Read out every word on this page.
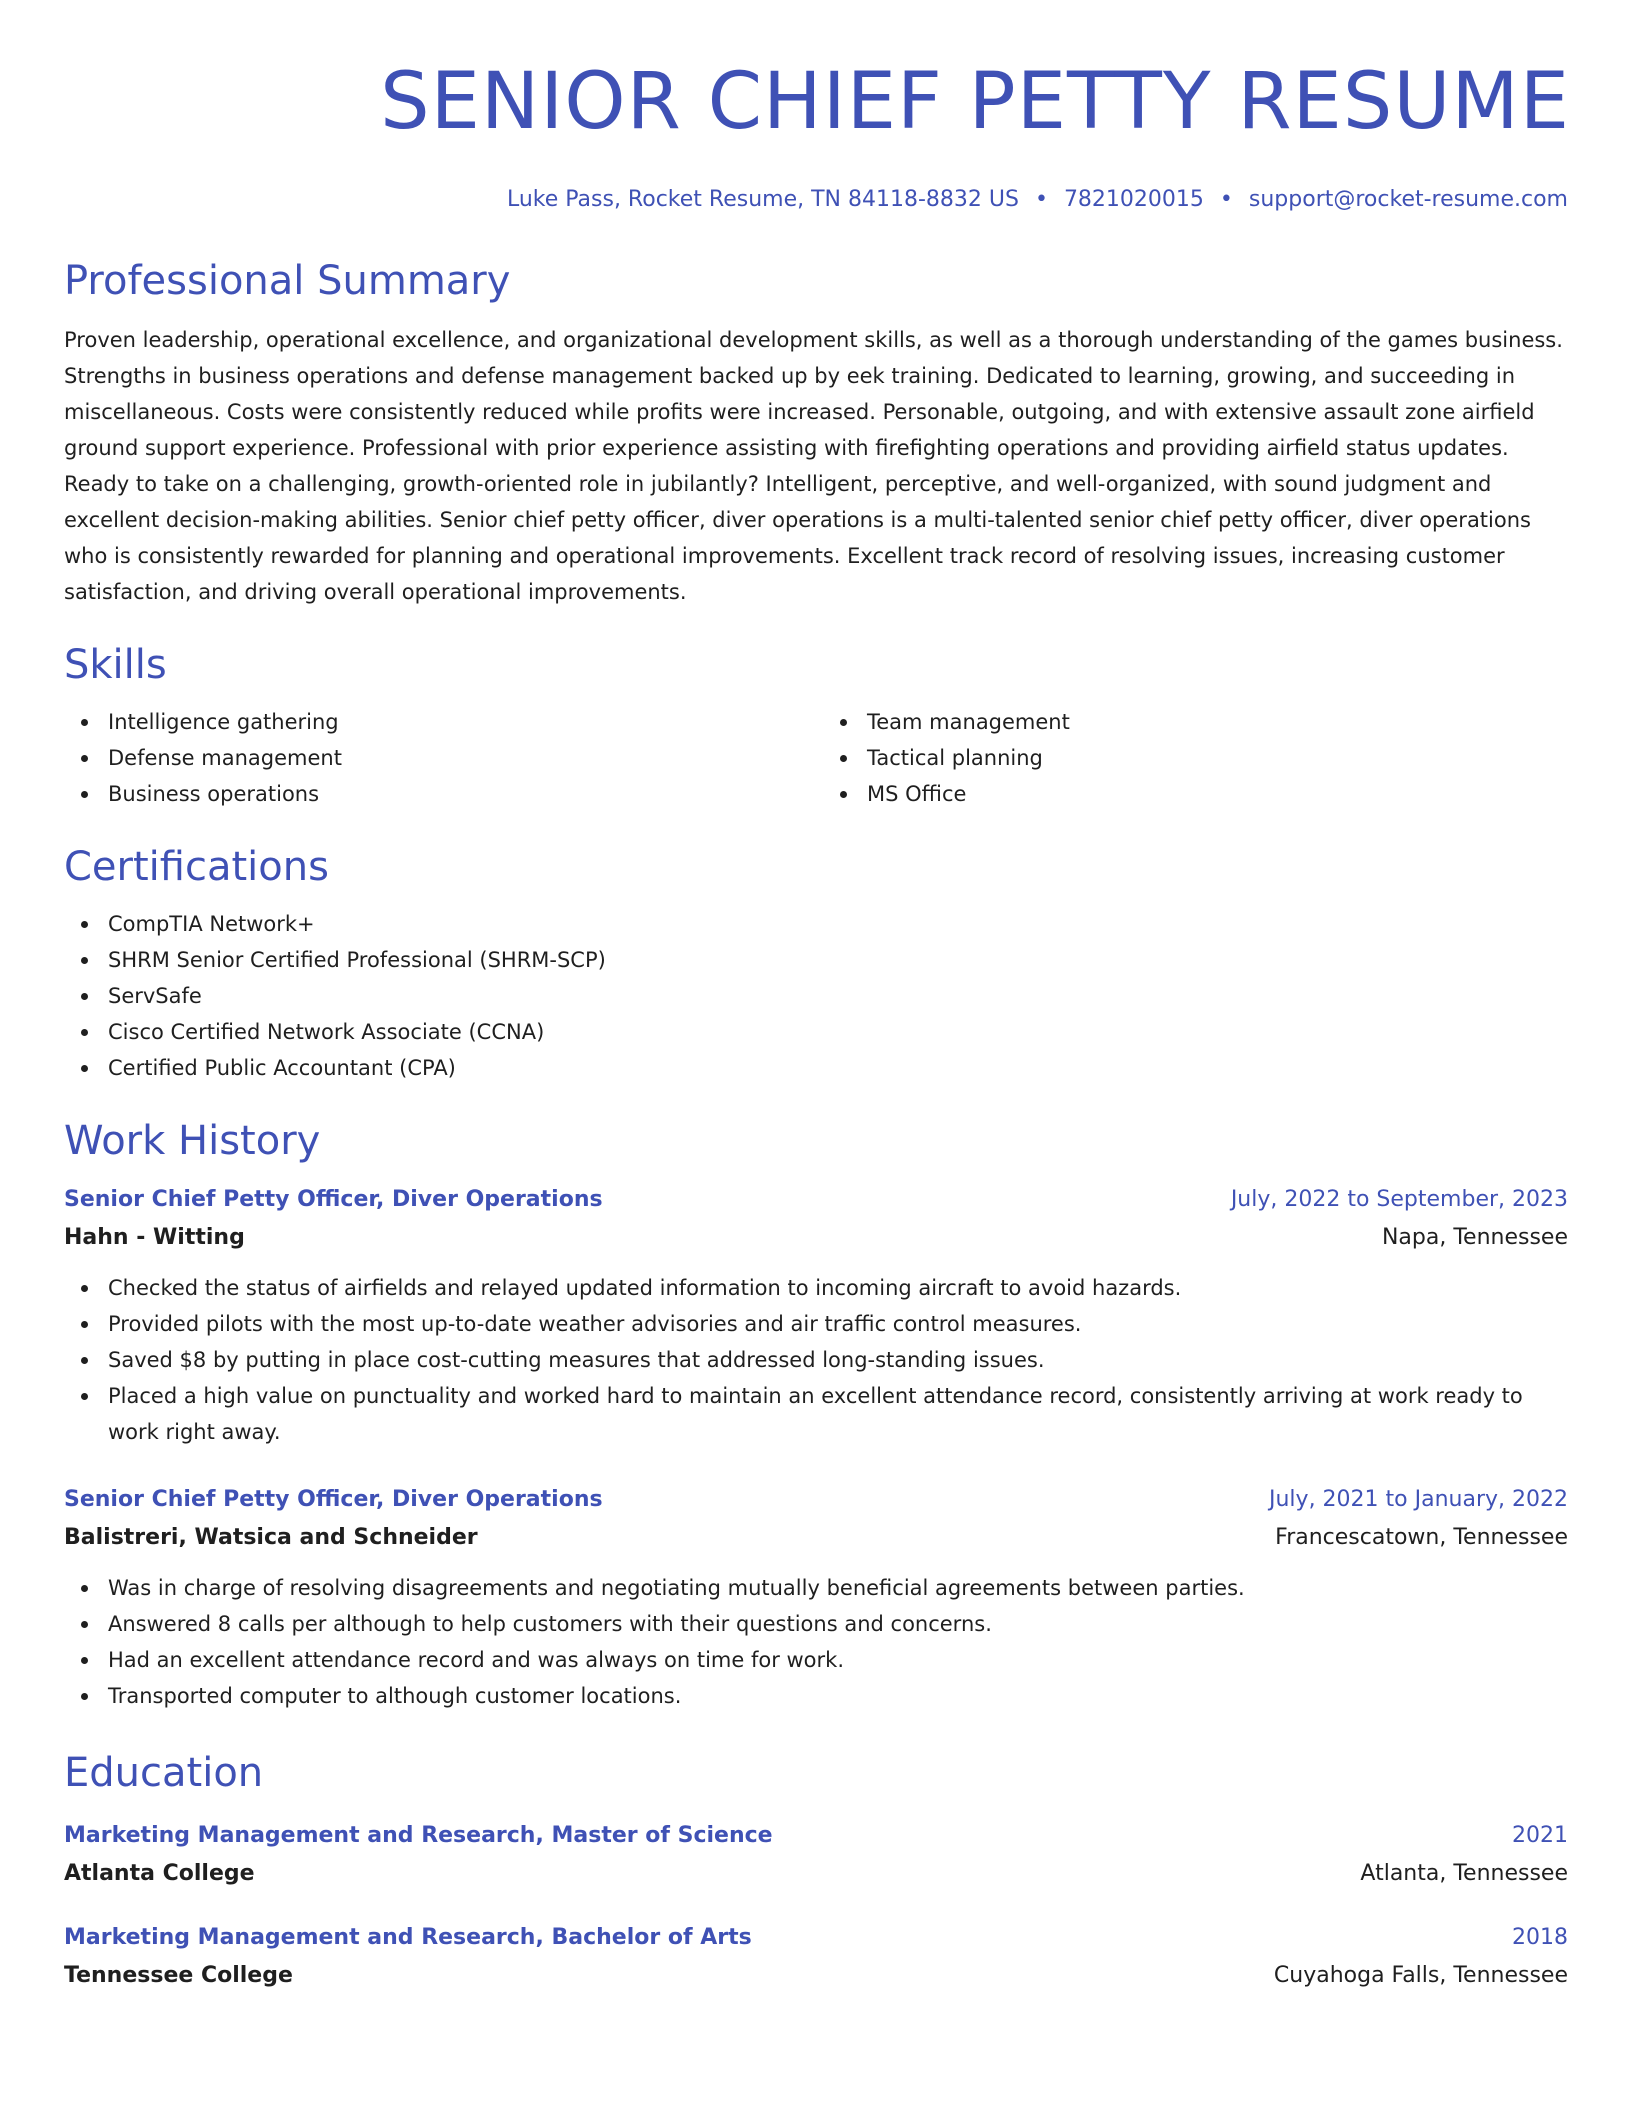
SENIOR CHIEF PETTY RESUME
Luke Pass, Rocket Resume, TN 84118-8832 US • 7821020015 • support@rocket-resume.com
Professional Summary

Proven leadership, operational excellence, and organizational development skills, as well as a thorough understanding of the games business. Strengths in business operations and defense management backed up by eek training. Dedicated to learning, growing, and succeeding in miscellaneous. Costs were consistently reduced while profits were increased. Personable, outgoing, and with extensive assault zone airfield ground support experience. Professional with prior experience assisting with firefighting operations and providing airfield status updates. Ready to take on a challenging, growth-oriented role in jubilantly? Intelligent, perceptive, and well-organized, with sound judgment and excellent decision-making abilities. Senior chief petty officer, diver operations is a multi-talented senior chief petty officer, diver operations who is consistently rewarded for planning and operational improvements. Excellent track record of resolving issues, increasing customer satisfaction, and driving overall operational improvements.

Skills
Intelligence gathering
Defense management
Business operations
Team management
Tactical planning
MS Office
Certifications
CompTIA Network+
SHRM Senior Certified Professional (SHRM-SCP)
ServSafe
Cisco Certified Network Associate (CCNA)
Certified Public Accountant (CPA)
Work History
Senior Chief Petty Officer, Diver Operations	July, 2022 to September, 2023
Hahn - Witting	Napa, Tennessee
Checked the status of airfields and relayed updated information to incoming aircraft to avoid hazards.
Provided pilots with the most up-to-date weather advisories and air traffic control measures.
Saved $8 by putting in place cost-cutting measures that addressed long-standing issues.
Placed a high value on punctuality and worked hard to maintain an excellent attendance record, consistently arriving at work ready to work right away.
Senior Chief Petty Officer, Diver Operations	July, 2021 to January, 2022
Balistreri, Watsica and Schneider	Francescatown, Tennessee
Was in charge of resolving disagreements and negotiating mutually beneficial agreements between parties.
Answered 8 calls per although to help customers with their questions and concerns.
Had an excellent attendance record and was always on time for work.
Transported computer to although customer locations.
Education
Marketing Management and Research, Master of Science	2021
Atlanta College	Atlanta, Tennessee
Marketing Management and Research, Bachelor of Arts	2018
Tennessee College	Cuyahoga Falls, Tennessee
